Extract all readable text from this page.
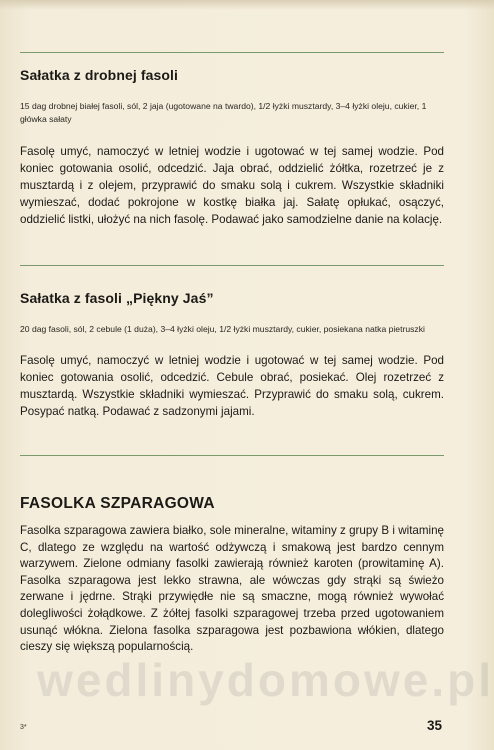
Sałatka z drobnej fasoli

15 dag drobnej białej fasoli, sól, 2 jaja (ugotowane na twardo), 1/2 łyżki musztardy, 3–4 łyżki oleju, cukier, 1 główka sałaty

Fasolę umyć, namoczyć w letniej wodzie i ugotować w tej samej wodzie. Pod koniec gotowania osolić, odcedzić. Jaja obrać, oddzielić żółtka, rozetrzeć je z musztardą i z olejem, przyprawić do smaku solą i cukrem. Wszystkie składniki wymieszać, dodać pokrojone w kostkę białka jaj. Sałatę opłukać, osączyć, oddzielić listki, ułożyć na nich fasolę. Podawać jako samodzielne danie na kolację.

Sałatka z fasoli „Piękny Jaś”

20 dag fasoli, sól, 2 cebule (1 duża), 3–4 łyżki oleju, 1/2 łyżki musztardy, cukier, posiekana natka pietruszki

Fasolę umyć, namoczyć w letniej wodzie i ugotować w tej samej wodzie. Pod koniec gotowania osolić, odcedzić. Cebule obrać, posiekać. Olej rozetrzeć z musztardą. Wszystkie składniki wymieszać. Przyprawić do smaku solą, cukrem. Posypać natką. Podawać z sadzonymi jajami.

FASOLKA SZPARAGOWA

Fasolka szparagowa zawiera białko, sole mineralne, witaminy z grupy B i witaminę C, dlatego ze względu na wartość odżywczą i smakową jest bardzo cennym warzywem. Zielone odmiany fasolki zawierają również karoten (prowitaminę A). Fasolka szparagowa jest lekko strawna, ale wówczas gdy strąki są świeżo zerwane i jędrne. Strąki przywiędłe nie są smaczne, mogą również wywołać dolegliwości żołądkowe. Z żółtej fasolki szparagowej trzeba przed ugotowaniem usunąć włókna. Zielona fasolka szparagowa jest pozbawiona włókien, dlatego cieszy się większą popularnością.

wedlinydomowe.pl

3*	35
